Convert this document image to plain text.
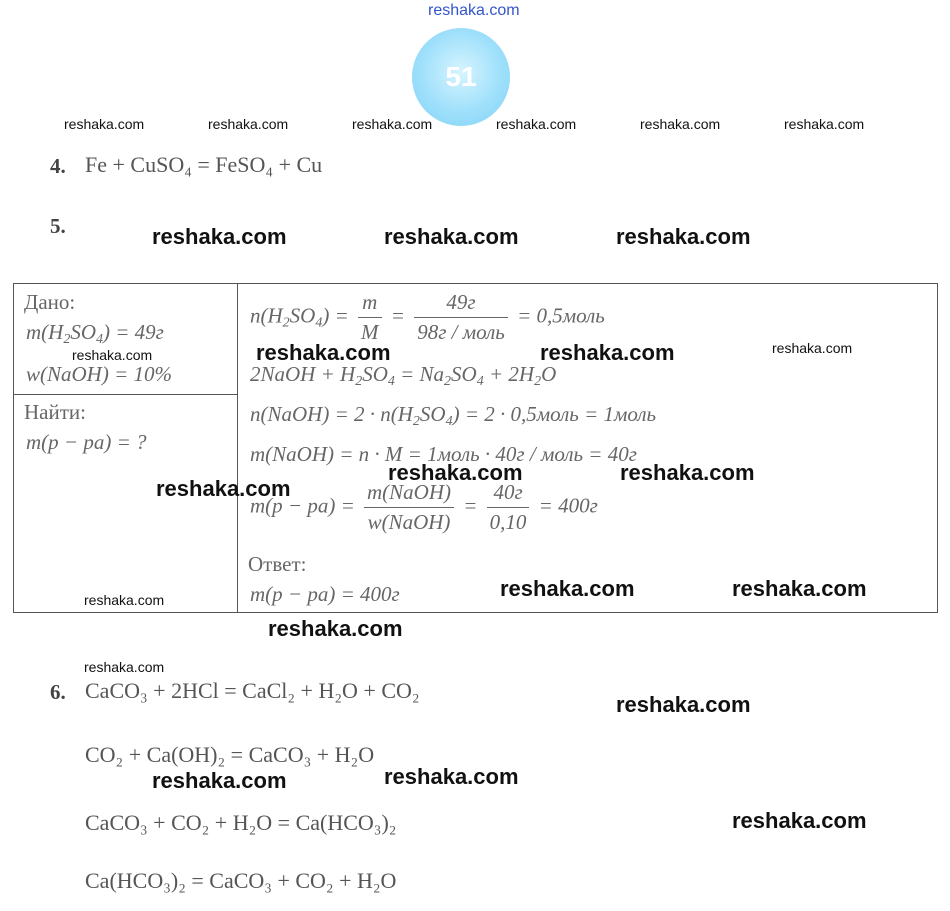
reshaka.com
reshaka.com	reshaka.com	reshaka.com	reshaka.com	reshaka.com	reshaka.com
51
4. Fe + CuSO₄ = FeSO₄ + Cu
5.	reshaka.com	reshaka.com	reshaka.com
Дано:
$m(H_2SO_4) = 49г$
w(NaOH) = 10%
Найти:
m(р − ра) = ?
$n(H_2SO_4) = \frac{m}{M} = \frac{49г}{\text{98г / моль}}$ = 0,5моль
2NaOH + $H_2SO_4 = Na_2SO_4 + 2H_2O$
n(NaOH) = $2 \cdot n(H_2SO_4) = 2$ · 0,5моль = 1моль
m(NaOH) = n · M = 1моль · 40г / моль = 40г
$m(р - ра) = \frac{\text{m(NaOH)}}{\text{w(NaOH)}} = \frac{40г}{0,10} = 400г$
Ответ:
m(р − ра) = 400г
reshaka.com	reshaka.com	reshaka.com	reshaka.com
reshaka.com	reshaka.com
reshaka.com
reshaka.com	reshaka.com
reshaka.com
reshaka.com
reshaka.com
6. CaCO₃ + 2HCl = CaCl₂ + H₂O + CO₂
reshaka.com
CO₂ + Ca(OH)₂ = CaCO₃ + H₂O
reshaka.com	reshaka.com
CaCO₃ + CO₂ + H₂O = Ca(HCO₃)₂	reshaka.com
Ca(HCO₃)₂ = CaCO₃ + CO₂ + H₂O
